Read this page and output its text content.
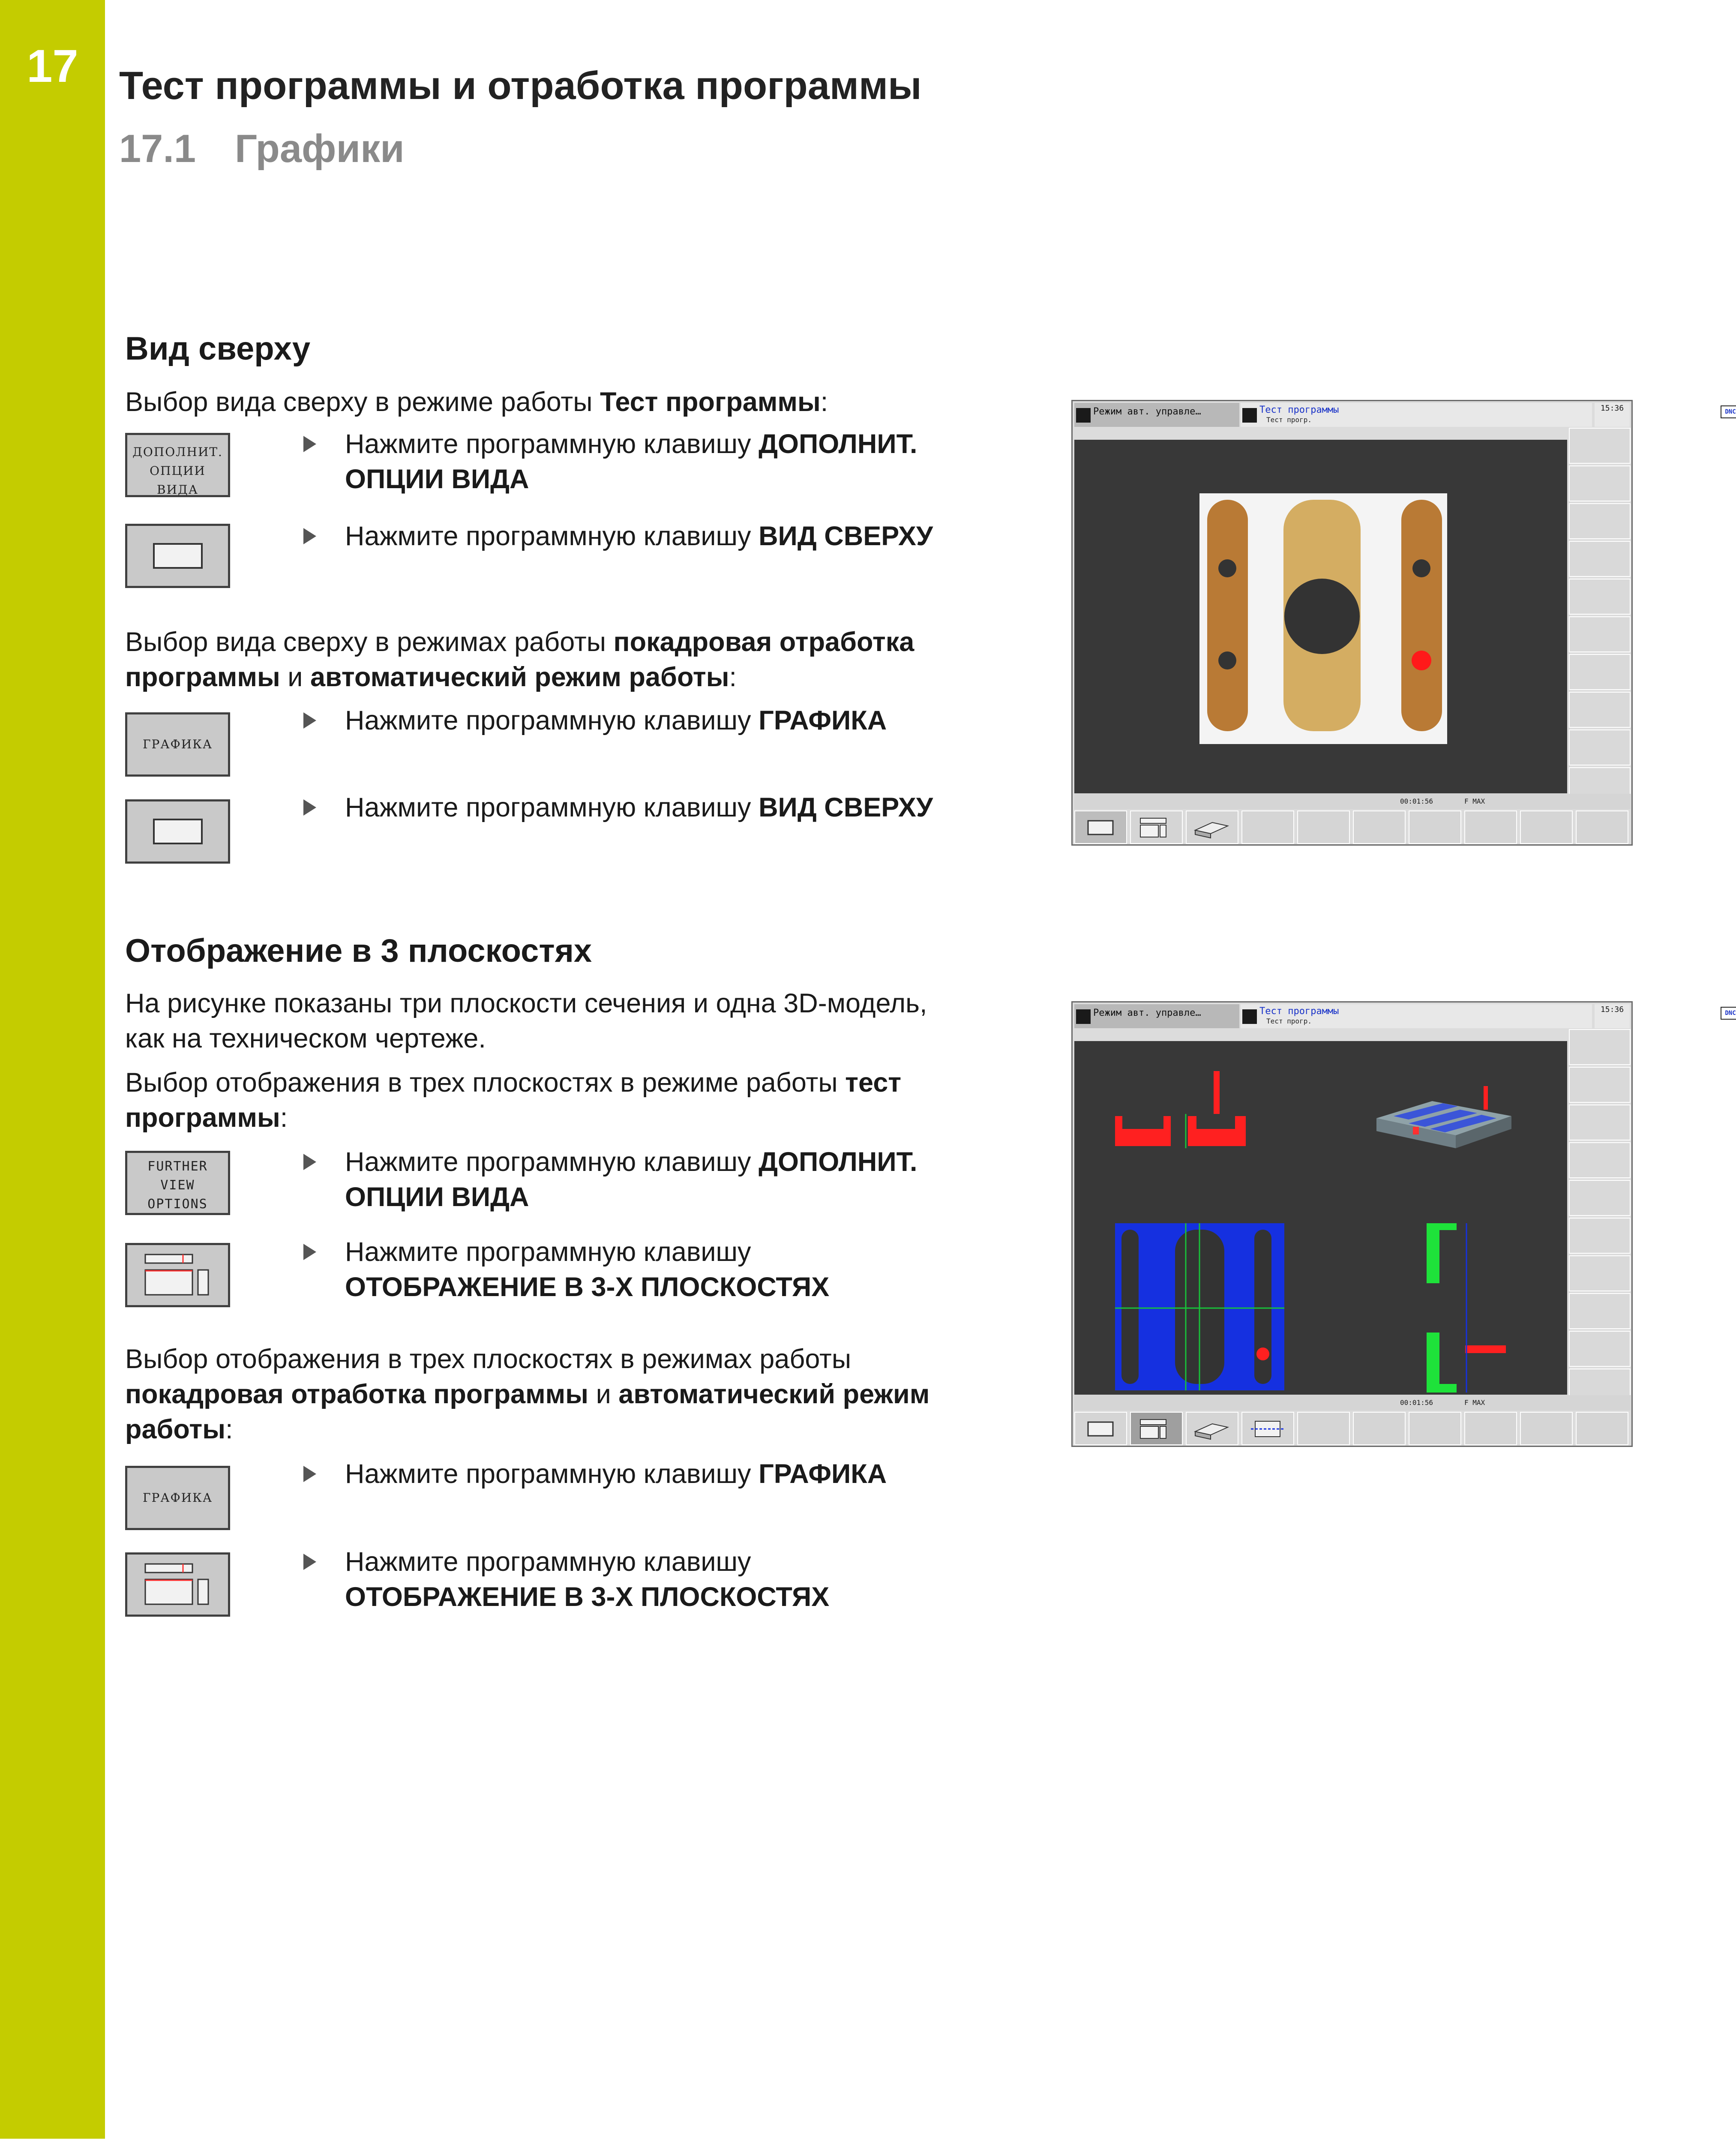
17	Тест программы и отработка программы
17.1 Графики
Вид сверху
Выбор вида сверху в режиме работы Тест программы:
ДОПОЛНИТ.
ОПЦИИ
ВИДА
Нажмите программную клавишу ДОПОЛНИТ.
ОПЦИИ ВИДА
Нажмите программную клавишу ВИД СВЕРХУ
Выбор вида сверху в режимах работы покадровая отработка
программы и автоматический режим работы:
ГРАФИКА
Нажмите программную клавишу ГРАФИКА
Нажмите программную клавишу ВИД СВЕРХУ
Режим авт. управле…	Тест программы
Тест прогр.
DNC
15:36
00:01:56	F MAX
Отображение в 3 плоскостях
На рисунке показаны три плоскости сечения и одна 3D-модель,
как на техническом чертеже.
Выбор отображения в трех плоскостях в режиме работы тест
программы:
FURTHER
VIEW
OPTIONS
Нажмите программную клавишу ДОПОЛНИТ.
ОПЦИИ ВИДА
Нажмите программную клавишу
ОТОБРАЖЕНИЕ В 3-Х ПЛОСКОСТЯХ
Выбор отображения в трех плоскостях в режимах работы
покадровая отработка программы и автоматический режим
работы:
ГРАФИКА
Нажмите программную клавишу ГРАФИКА
Нажмите программную клавишу
ОТОБРАЖЕНИЕ В 3-Х ПЛОСКОСТЯХ
Режим авт. управле…	Тест программы
Тест прогр.
DNC
15:36
00:01:56	F MAX
